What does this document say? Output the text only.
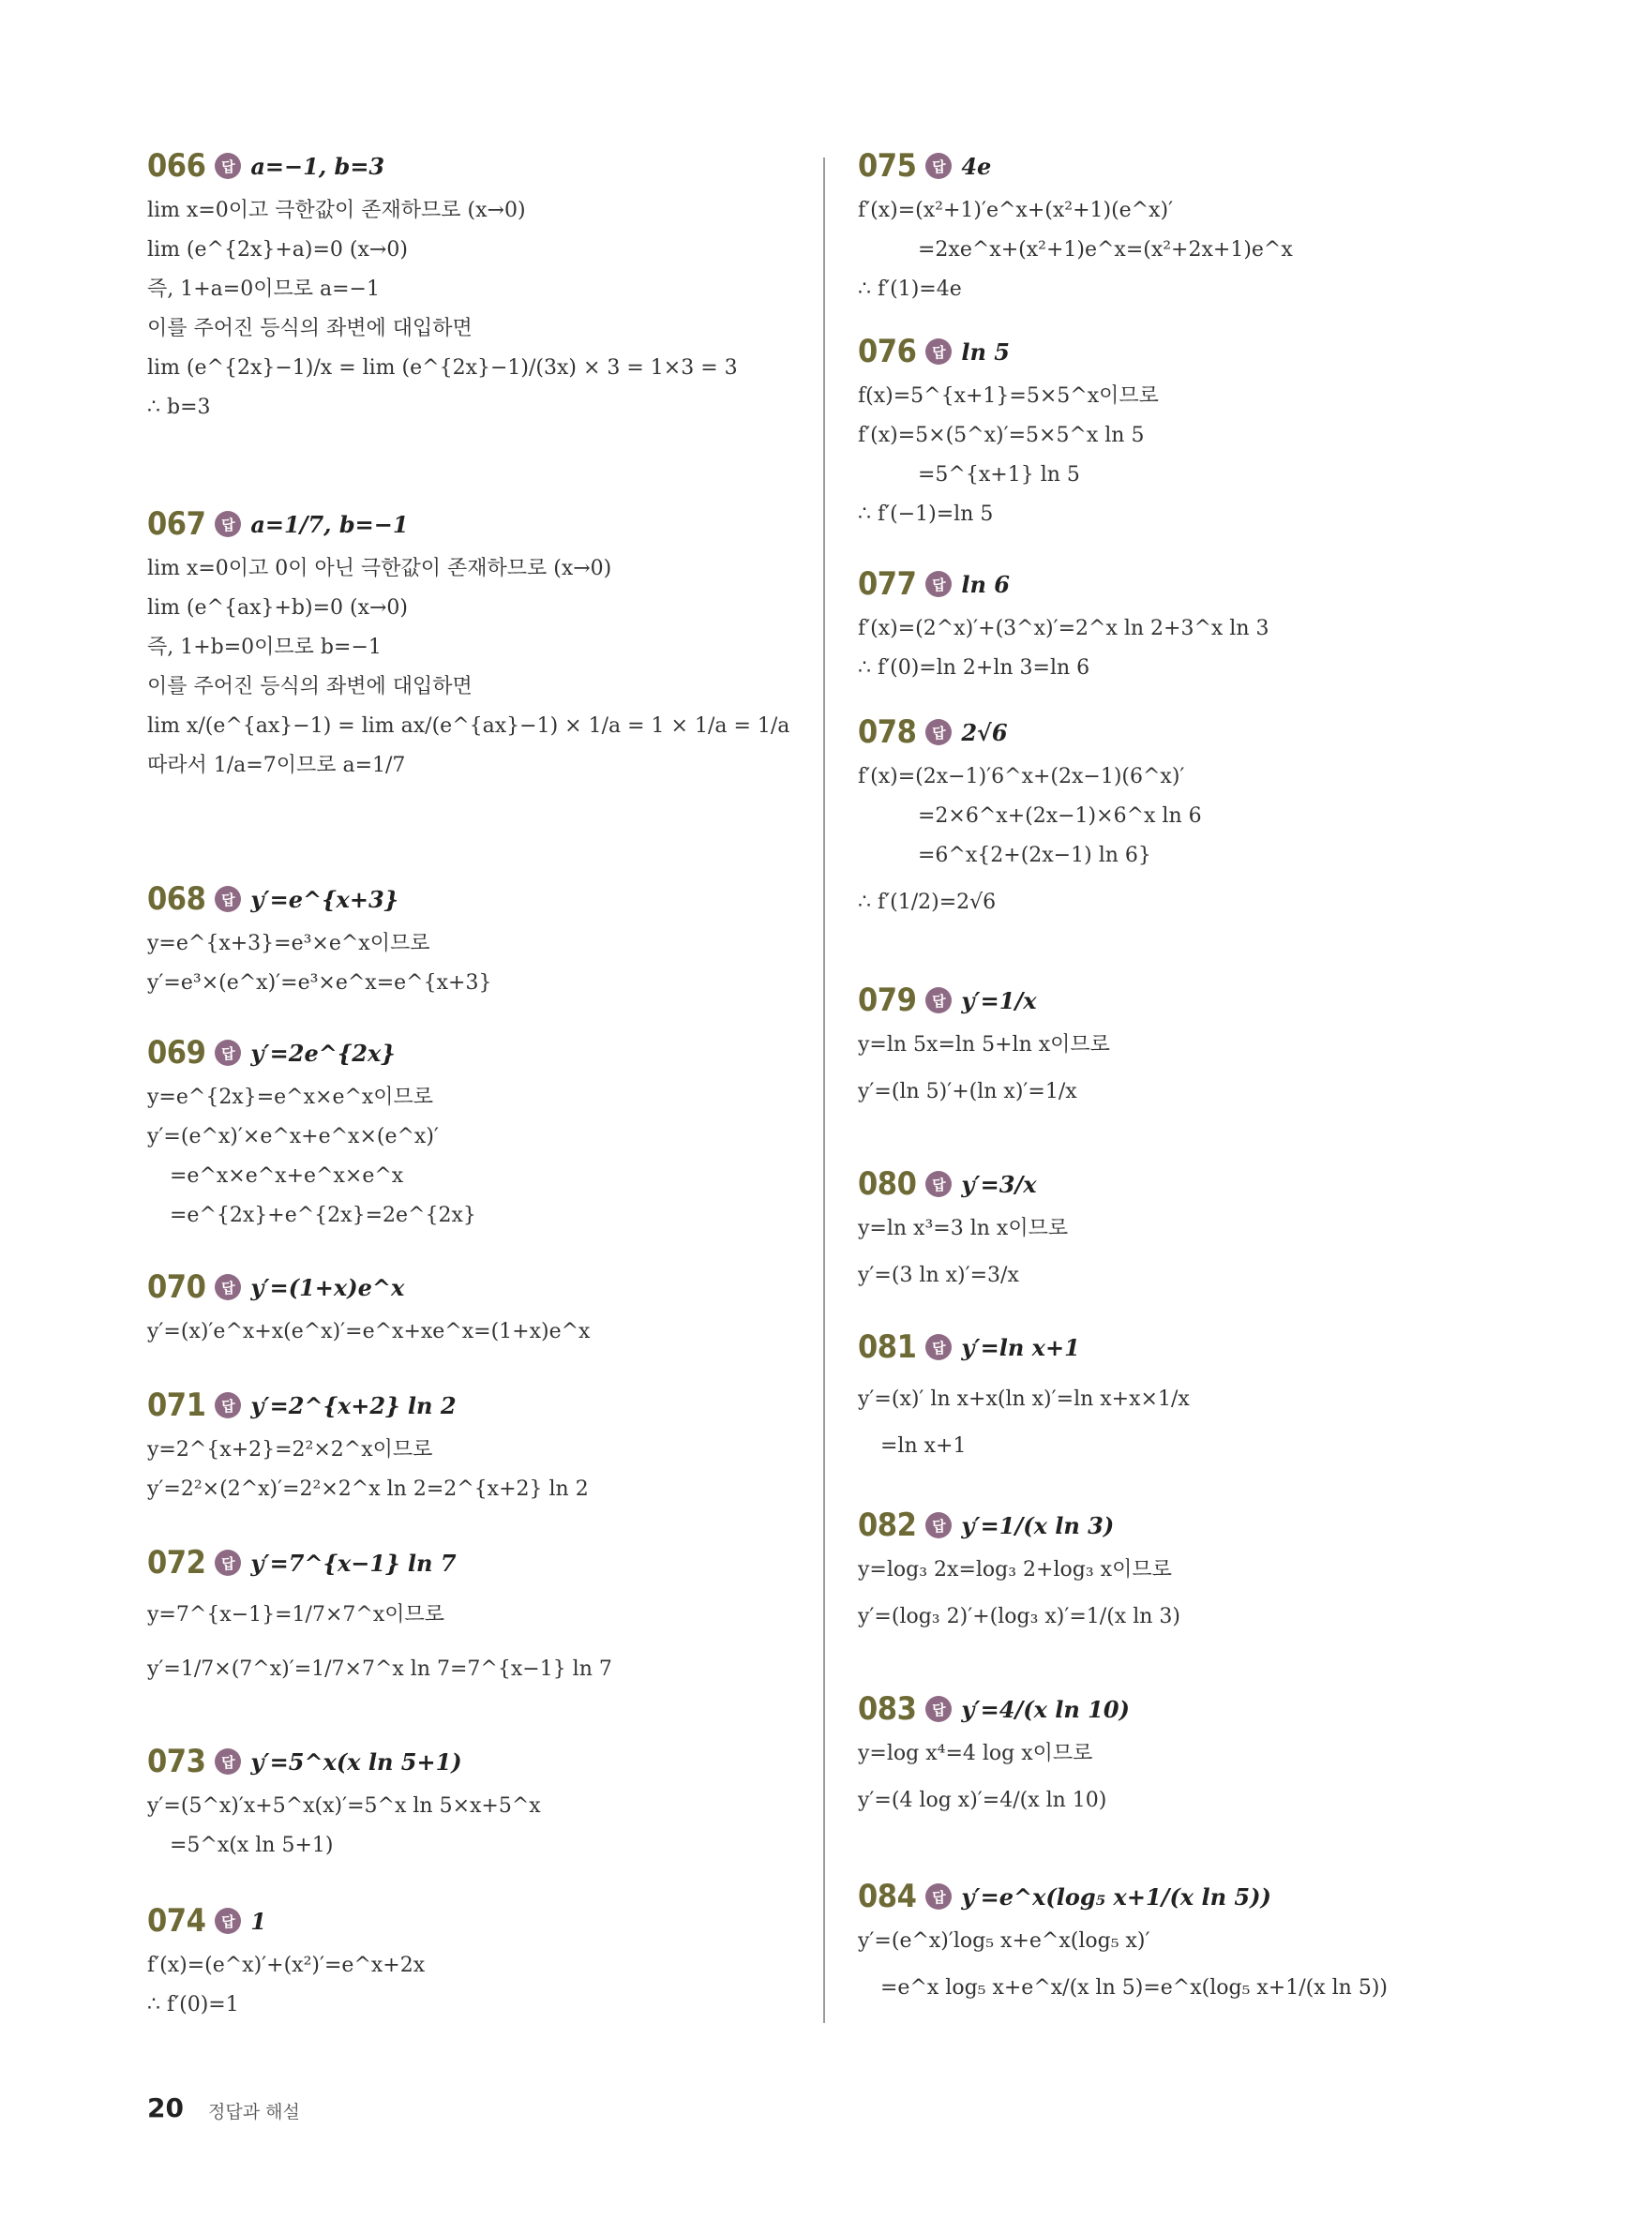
066	답 a=−1, b=3
lim x=0이고 극한값이 존재하므로 (x→0)
lim (e^{2x}+a)=0 (x→0)
즉, 1+a=0이므로 a=−1
이를 주어진 등식의 좌변에 대입하면
lim (e^{2x}−1)/x = lim (e^{2x}−1)/(3x) × 3 = 1×3 = 3
∴ b=3
067	답 a=1/7, b=−1
lim x=0이고 0이 아닌 극한값이 존재하므로 (x→0)
lim (e^{ax}+b)=0 (x→0)
즉, 1+b=0이므로 b=−1
이를 주어진 등식의 좌변에 대입하면
lim x/(e^{ax}−1) = lim ax/(e^{ax}−1) × 1/a = 1 × 1/a = 1/a
따라서 1/a=7이므로 a=1/7
068	답 y′=e^{x+3}
y=e^{x+3}=e³×e^x이므로
y′=e³×(e^x)′=e³×e^x=e^{x+3}
069	답 y′=2e^{2x}
y=e^{2x}=e^x×e^x이므로
y′=(e^x)′×e^x+e^x×(e^x)′
=e^x×e^x+e^x×e^x
=e^{2x}+e^{2x}=2e^{2x}
070	답 y′=(1+x)e^x
y′=(x)′e^x+x(e^x)′=e^x+xe^x=(1+x)e^x
071	답 y′=2^{x+2} ln 2
y=2^{x+2}=2²×2^x이므로
y′=2²×(2^x)′=2²×2^x ln 2=2^{x+2} ln 2
072	답 y′=7^{x−1} ln 7
y=7^{x−1}=1/7×7^x이므로
y′=1/7×(7^x)′=1/7×7^x ln 7=7^{x−1} ln 7
073	답 y′=5^x(x ln 5+1)
y′=(5^x)′x+5^x(x)′=5^x ln 5×x+5^x
=5^x(x ln 5+1)
074	답 1
f′(x)=(e^x)′+(x²)′=e^x+2x
∴ f′(0)=1
075	답 4e
f′(x)=(x²+1)′e^x+(x²+1)(e^x)′
=2xe^x+(x²+1)e^x=(x²+2x+1)e^x
∴ f′(1)=4e
076	답 ln 5
f(x)=5^{x+1}=5×5^x이므로
f′(x)=5×(5^x)′=5×5^x ln 5
=5^{x+1} ln 5
∴ f′(−1)=ln 5
077	답 ln 6
f′(x)=(2^x)′+(3^x)′=2^x ln 2+3^x ln 3
∴ f′(0)=ln 2+ln 3=ln 6
078	답 2√6
f′(x)=(2x−1)′6^x+(2x−1)(6^x)′
=2×6^x+(2x−1)×6^x ln 6
=6^x{2+(2x−1) ln 6}
∴ f′(1/2)=2√6
079	답 y′=1/x
y=ln 5x=ln 5+ln x이므로
y′=(ln 5)′+(ln x)′=1/x
080	답 y′=3/x
y=ln x³=3 ln x이므로
y′=(3 ln x)′=3/x
081	답 y′=ln x+1
y′=(x)′ ln x+x(ln x)′=ln x+x×1/x
=ln x+1
082	답 y′=1/(x ln 3)
y=log₃ 2x=log₃ 2+log₃ x이므로
y′=(log₃ 2)′+(log₃ x)′=1/(x ln 3)
083	답 y′=4/(x ln 10)
y=log x⁴=4 log x이므로
y′=(4 log x)′=4/(x ln 10)
084	답 y′=e^x(log₅ x+1/(x ln 5))
y′=(e^x)′log₅ x+e^x(log₅ x)′
=e^x log₅ x+e^x/(x ln 5)=e^x(log₅ x+1/(x ln 5))
20 정답과 해설
